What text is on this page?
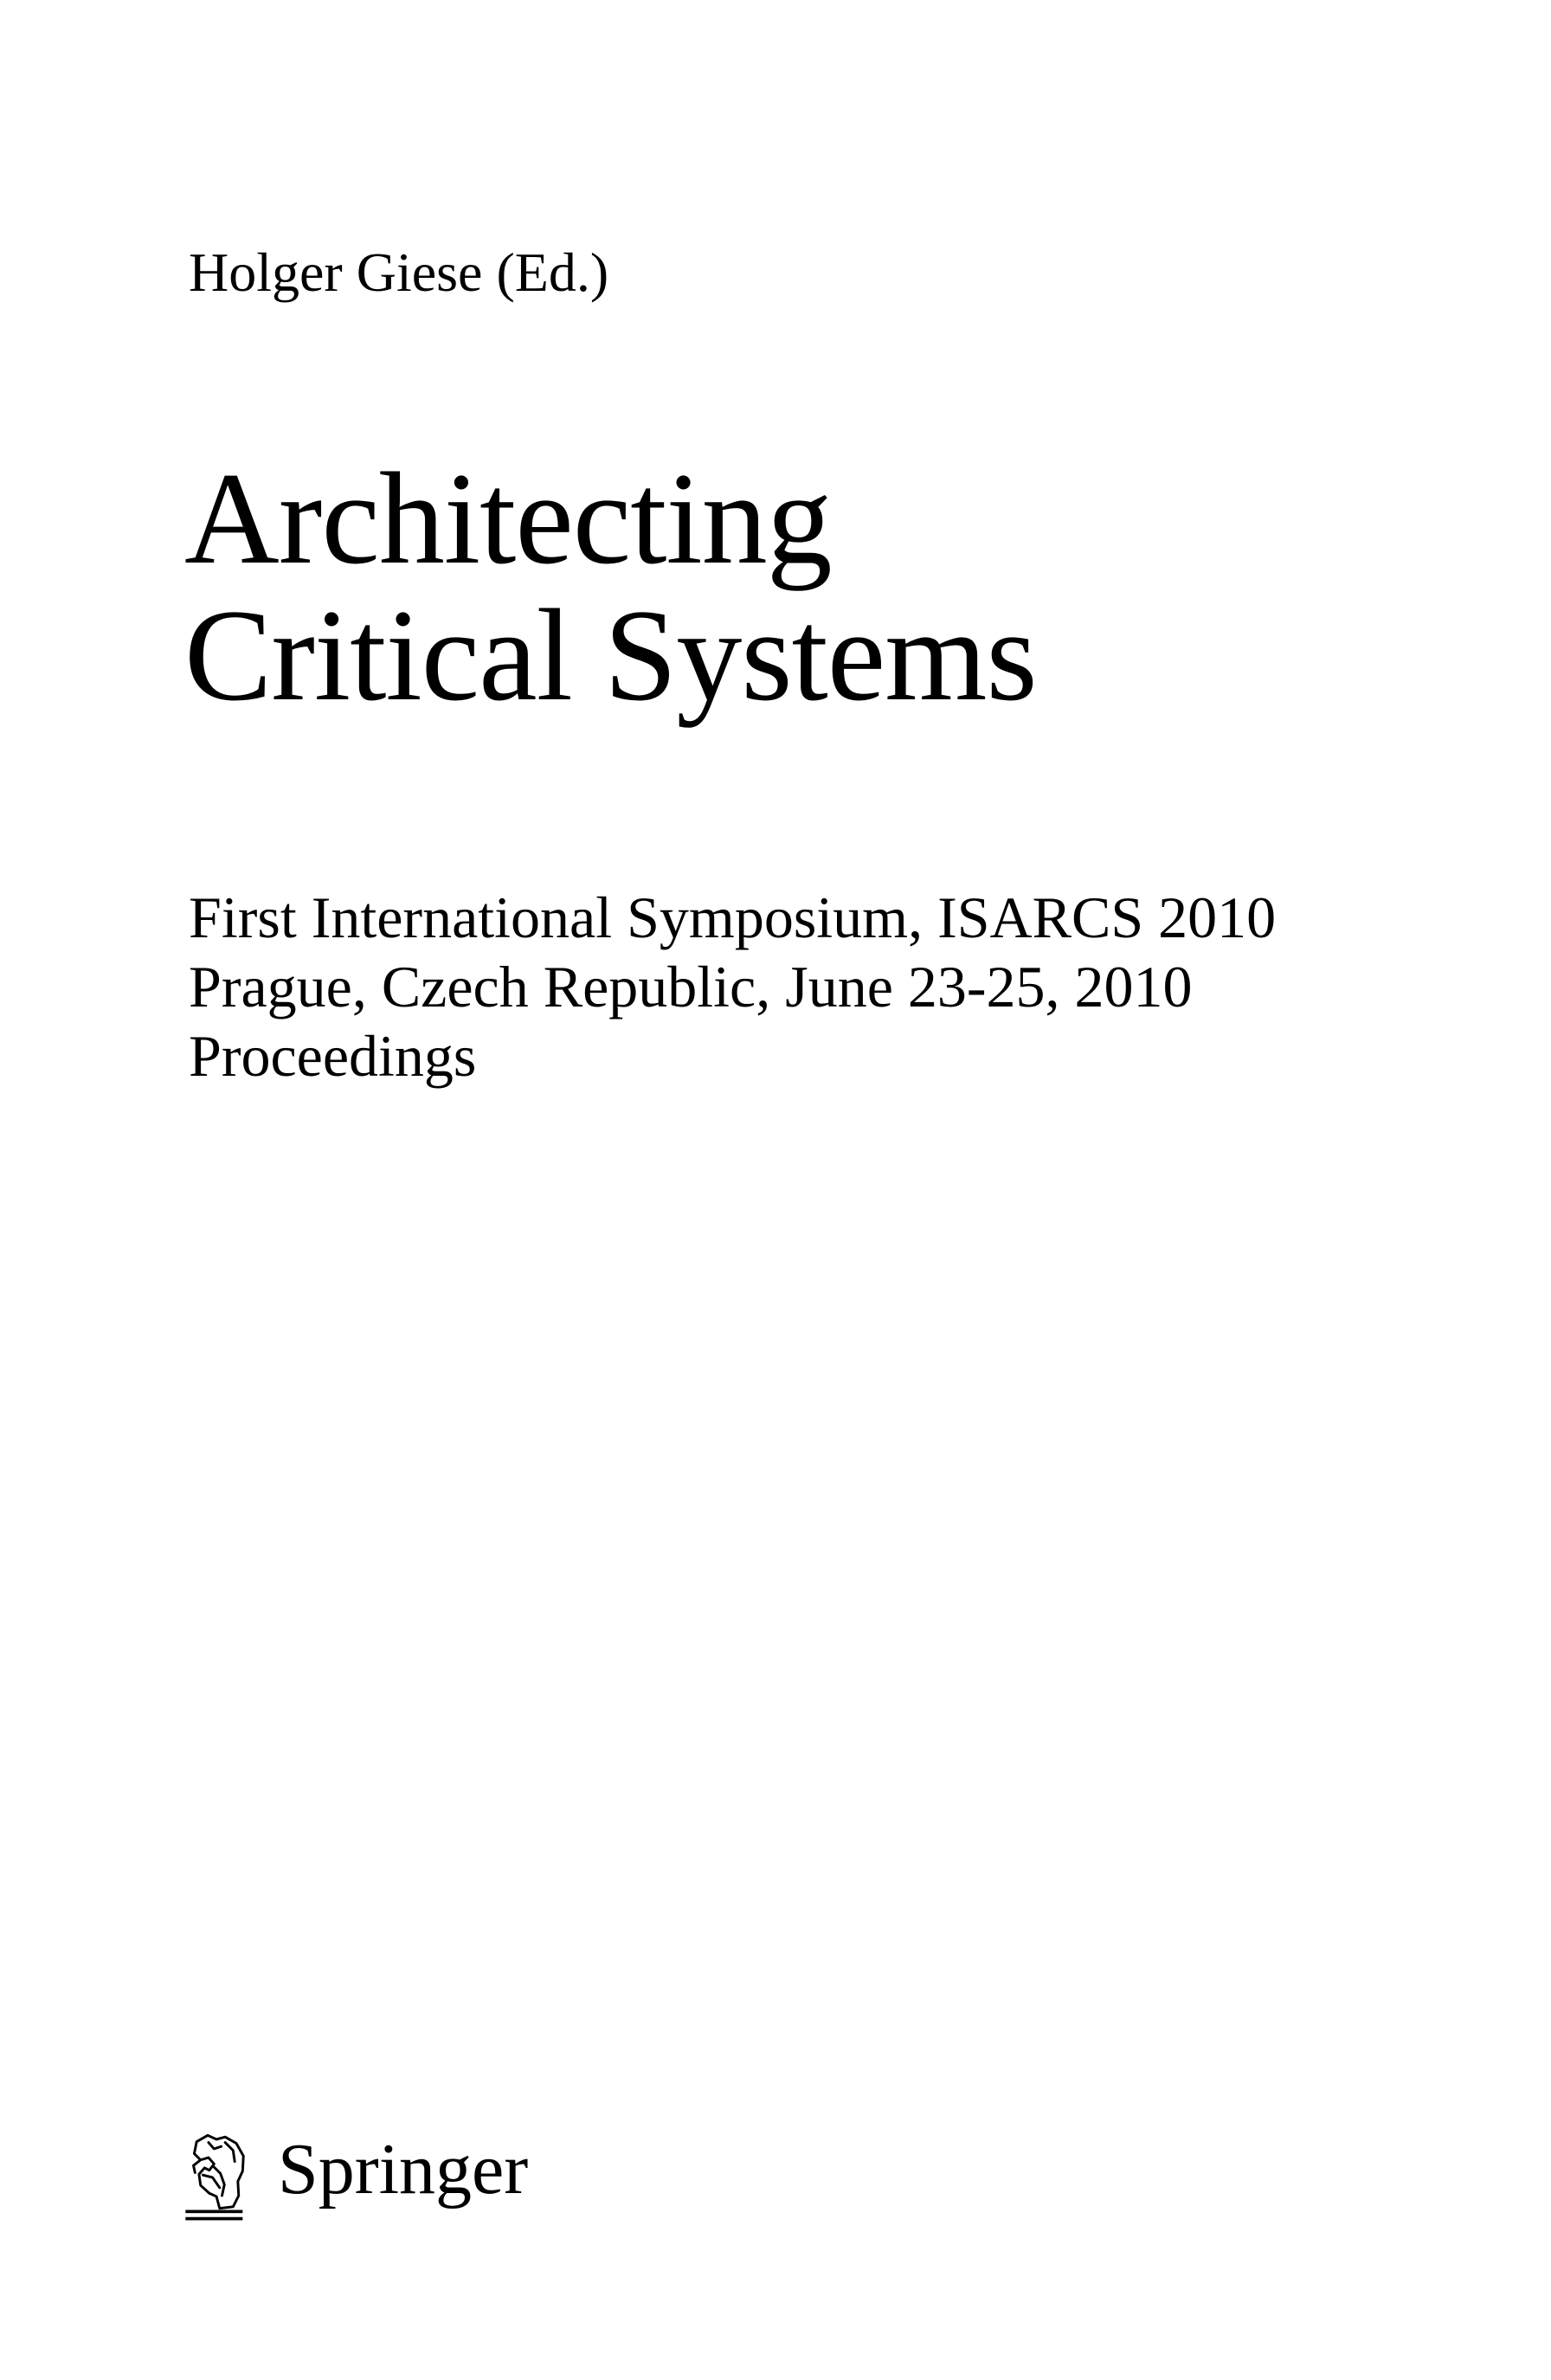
Holger Giese (Ed.)
Architecting
Critical Systems
First International Symposium, ISARCS 2010
Prague, Czech Republic, June 23-25, 2010
Proceedings
Springer
